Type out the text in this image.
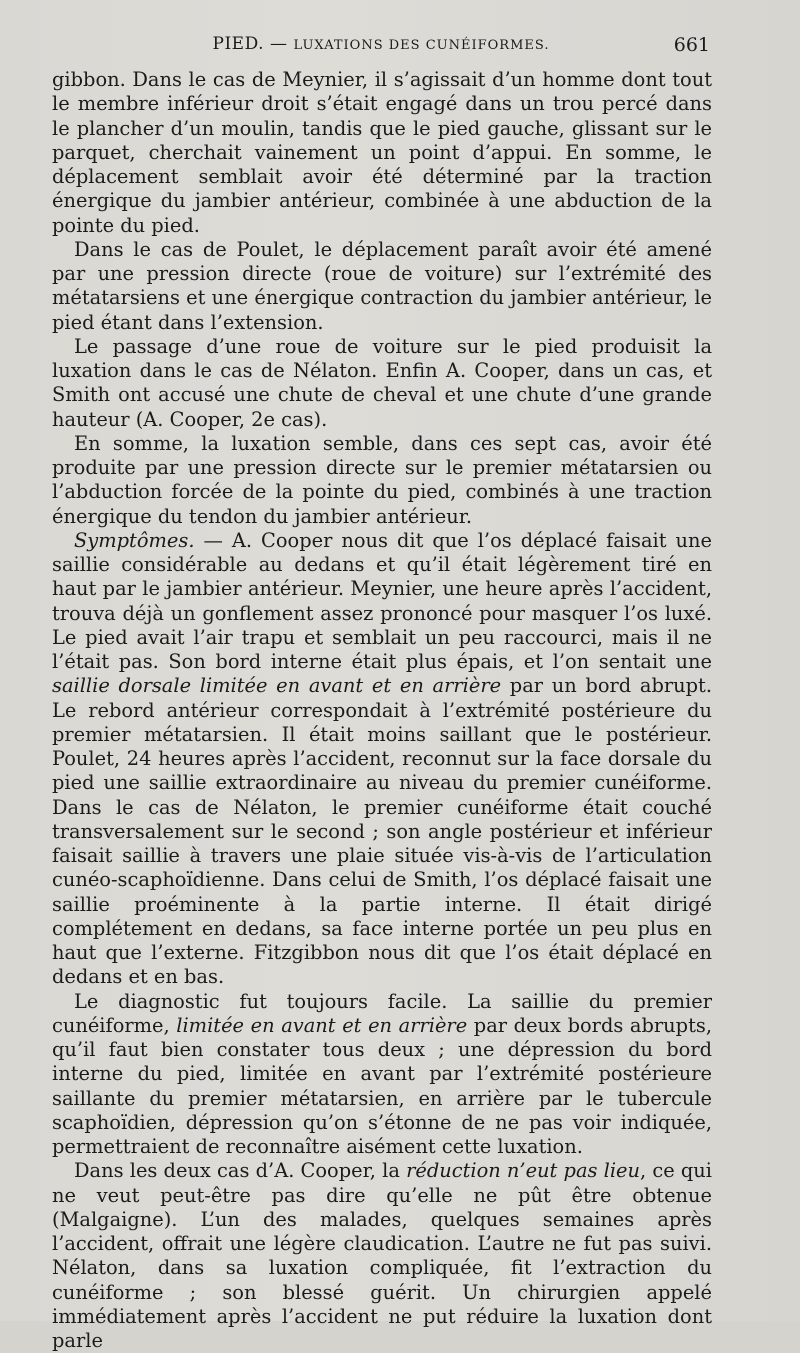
PIED. — LUXATIONS DES CUNÉIFORMES.	661

gibbon. Dans le cas de Meynier, il s’agissait d’un homme dont tout le membre inférieur droit s’était engagé dans un trou percé dans le plancher d’un moulin, tandis que le pied gauche, glissant sur le parquet, cherchait vainement un point d’appui. En somme, le déplacement semblait avoir été déterminé par la traction énergique du jambier antérieur, combinée à une abduction de la pointe du pied.

Dans le cas de Poulet, le déplacement paraît avoir été amené par une pression directe (roue de voiture) sur l’extrémité des métatarsiens et une énergique contraction du jambier antérieur, le pied étant dans l’extension.

Le passage d’une roue de voiture sur le pied produisit la luxation dans le cas de Nélaton. Enfin A. Cooper, dans un cas, et Smith ont accusé une chute de cheval et une chute d’une grande hauteur (A. Cooper, 2e cas).

En somme, la luxation semble, dans ces sept cas, avoir été produite par une pression directe sur le premier métatarsien ou l’abduction forcée de la pointe du pied, combinés à une traction énergique du tendon du jambier antérieur.

Symptômes. — A. Cooper nous dit que l’os déplacé faisait une saillie considérable au dedans et qu’il était légèrement tiré en haut par le jambier antérieur. Meynier, une heure après l’accident, trouva déjà un gonflement assez prononcé pour masquer l’os luxé. Le pied avait l’air trapu et semblait un peu raccourci, mais il ne l’était pas. Son bord interne était plus épais, et l’on sentait une saillie dorsale limitée en avant et en arrière par un bord abrupt. Le rebord antérieur correspondait à l’extrémité postérieure du premier métatarsien. Il était moins saillant que le postérieur. Poulet, 24 heures après l’accident, reconnut sur la face dorsale du pied une saillie extraordinaire au niveau du premier cunéiforme. Dans le cas de Nélaton, le premier cunéiforme était couché transversalement sur le second ; son angle postérieur et inférieur faisait saillie à travers une plaie située vis-à-vis de l’articulation cunéo-scaphoïdienne. Dans celui de Smith, l’os déplacé faisait une saillie proéminente à la partie interne. Il était dirigé complétement en dedans, sa face interne portée un peu plus en haut que l’externe. Fitzgibbon nous dit que l’os était déplacé en dedans et en bas.

Le diagnostic fut toujours facile. La saillie du premier cunéiforme, limitée en avant et en arrière par deux bords abrupts, qu’il faut bien constater tous deux ; une dépression du bord interne du pied, limitée en avant par l’extrémité postérieure saillante du premier métatarsien, en arrière par le tubercule scaphoïdien, dépression qu’on s’étonne de ne pas voir indiquée, permettraient de reconnaître aisément cette luxation.

Dans les deux cas d’A. Cooper, la réduction n’eut pas lieu, ce qui ne veut peut-être pas dire qu’elle ne pût être obtenue (Malgaigne). L’un des malades, quelques semaines après l’accident, offrait une légère claudication. L’autre ne fut pas suivi. Nélaton, dans sa luxation compliquée, fit l’extraction du cunéiforme ; son blessé guérit. Un chirurgien appelé immédiatement après l’accident ne put réduire la luxation dont parle
